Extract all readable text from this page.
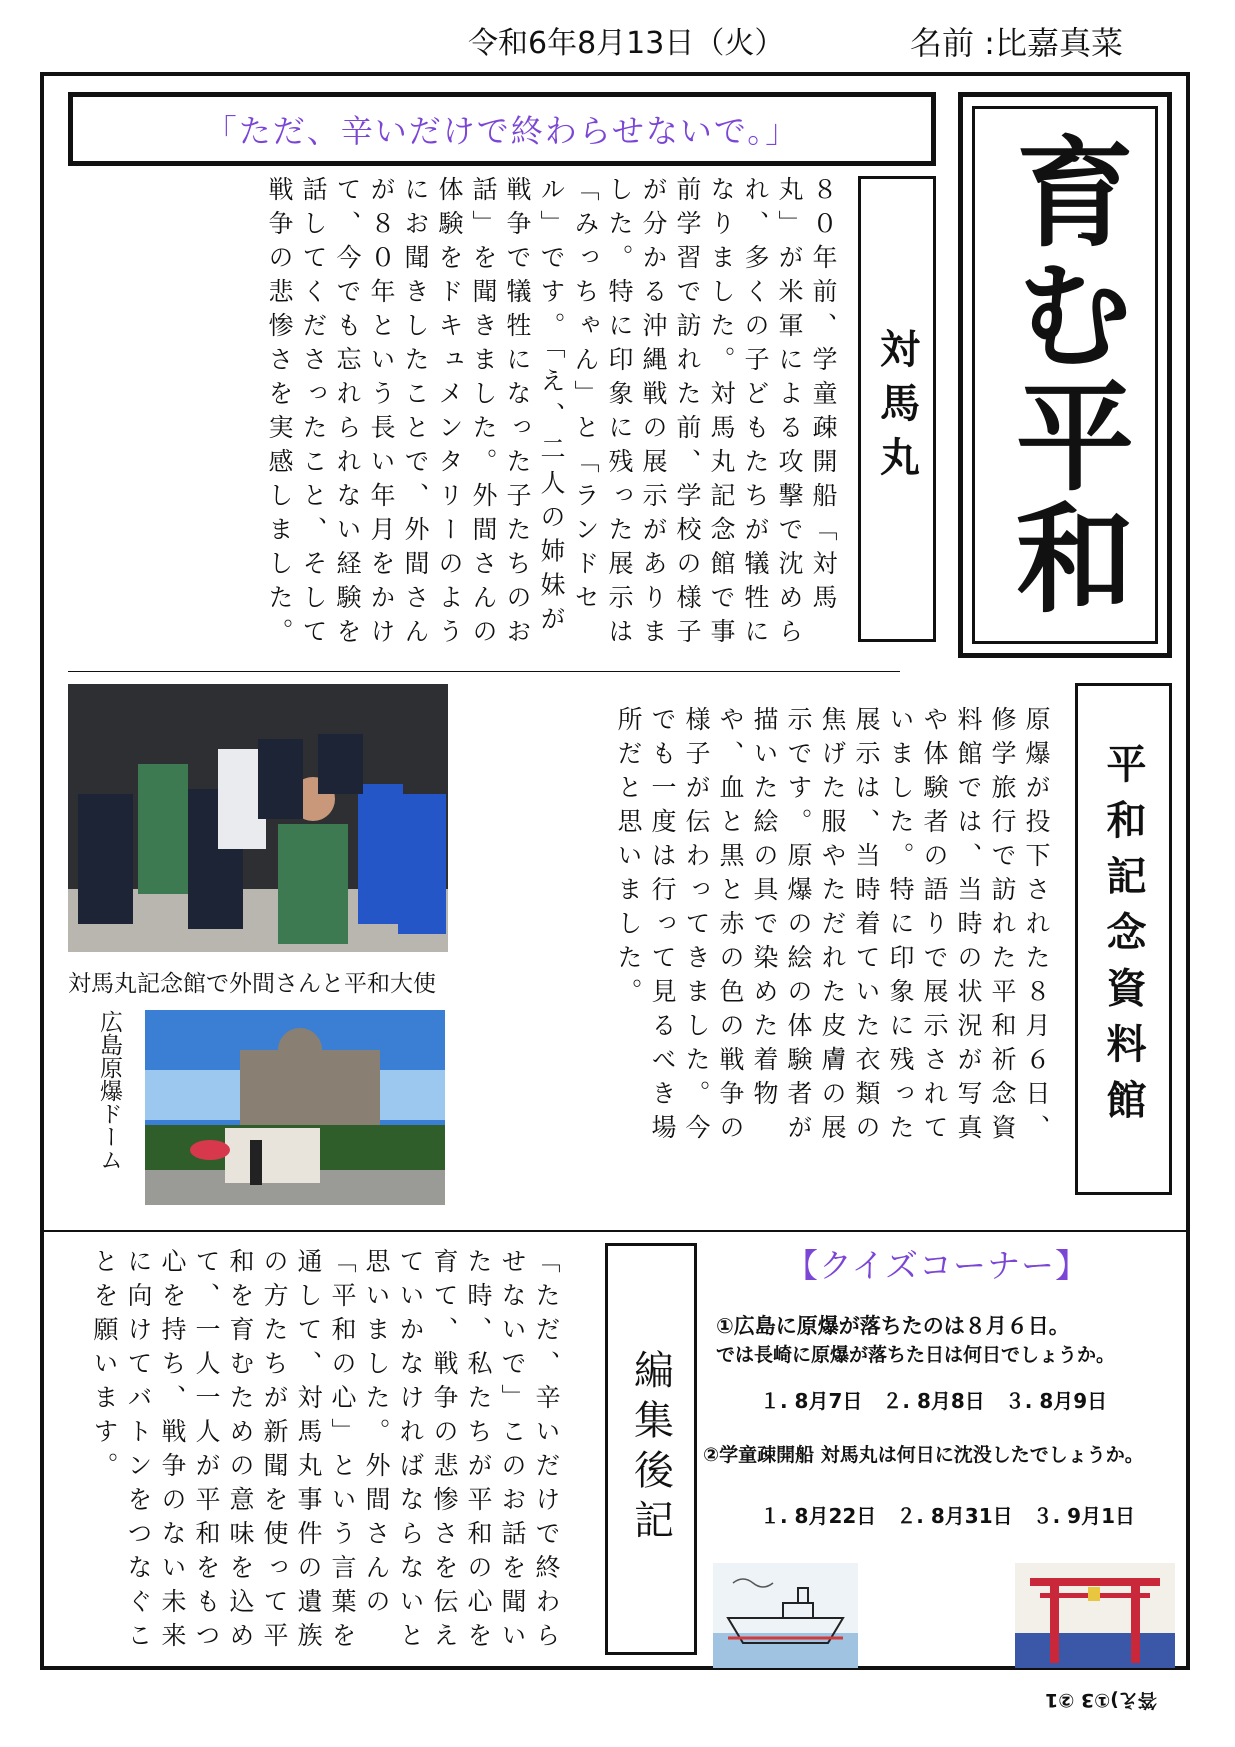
令和6年8月13日（火）	名前 :比嘉真菜
「ただ、辛いだけで終わらせないで。」 育む平和
対馬丸
８０年前、学童疎開船「対馬丸」が米軍による攻撃で沈められ、多くの子どもたちが犠牲になりました。対馬丸記念館で事前学習で訪れた前、学校の様子が分かる沖縄戦の展示がありました。特に印象に残った展示は「みっちゃん」と「ランドセル」です。「え、二人の姉妹が戦争で犠牲になった子たちのお話」を聞きました。外間さんの体験をドキュメンタリーのようにお聞きしたことで、外間さんが８０年という長い年月をかけて、今でも忘れられない経験を話してくださったこと、そして戦争の悲惨さを実感しました。
対馬丸記念館で外間さんと平和大使
広島原爆ドーム	平和記念資料館
原爆が投下された８月６日、修学旅行で訪れた平和祈念資料館では、当時の状況が写真や体験者の語りで展示されていました。特に印象に残った展示は、当時着ていた衣類の焦げた服やただれた皮膚の展示です。原爆の絵の体験者が描いた絵の具で染めた着物や、血と黒と赤の色の戦争の様子が伝わってきました。今でも一度は行って見るべき場所だと思いました。
「ただ、辛いだけで終わらせないで」このお話を聞いた時、私たちが平和の心を育て、戦争の悲惨さを伝えていかなければならないと思いました。外間さんの「平和の心」という言葉を通して、対馬丸事件の遺族の方たちが新聞を使って平和を育むための意味を込めて、一人一人が平和をもつ心を持ち、戦争のない未来に向けてバトンをつなぐことを願います。	編集後記
【クイズコーナー】
①広島に原爆が落ちたのは８月６日。
では長崎に原爆が落ちた日は何日でしょうか。
１. 8月7日　２. 8月8日　３. 8月9日
②学童疎開船 対馬丸は何日に沈没したでしょうか。
１. 8月22日　２. 8月31日　３. 9月1日
答え)①3 ②1
